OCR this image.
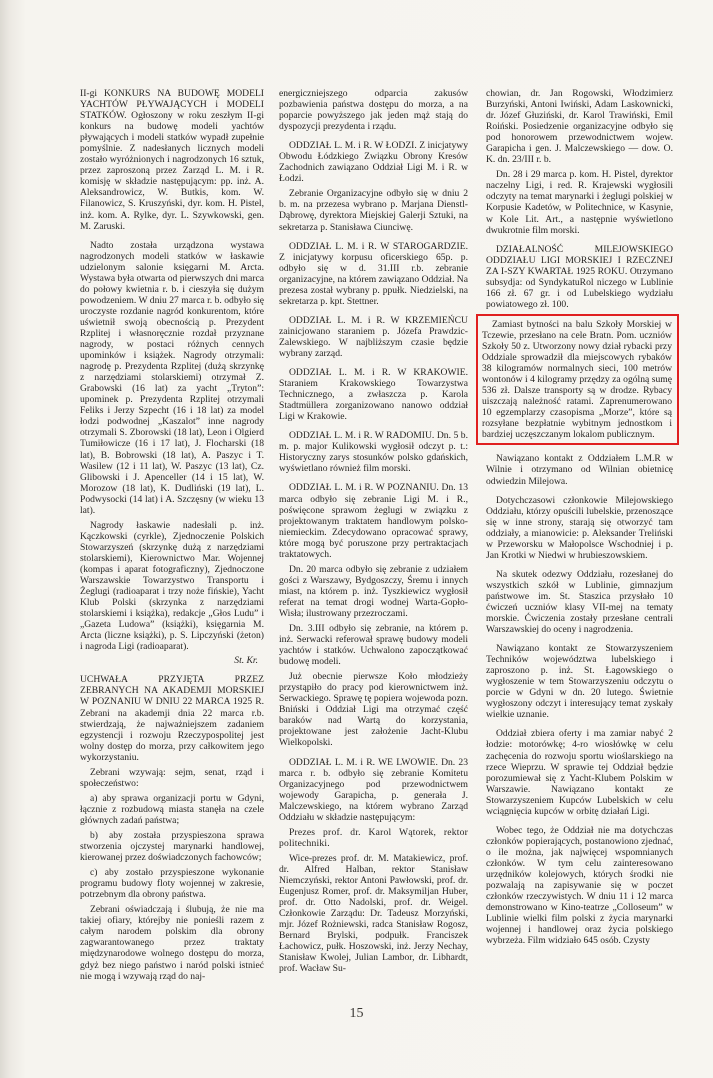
II-gi KONKURS NA BUDOWĘ MODELI YACHTÓW PŁYWAJĄCYCH i MODELI STATKÓW. Ogłoszony w roku zeszłym II-gi konkurs na budowę modeli yachtów pływających i modeli statków wypadł zupełnie pomyślnie. Z nadesłanych licznych modeli zostało wyróżnionych i nagrodzonych 16 sztuk, przez zaproszoną przez Zarząd L. M. i R. komisję w składzie następującym: pp. inż. A. Aleksandrowicz, W. Butkis, kom. W. Filanowicz, S. Kruszyński, dyr. kom. H. Pistel, inż. kom. A. Rylke, dyr. L. Szywkowski, gen. M. Zaruski.

Nadto została urządzona wystawa nagrodzonych modeli statków w łaskawie udzielonym salonie księgarni M. Arcta. Wystawa była otwarta od pierwszych dni marca do połowy kwietnia r. b. i cieszyła się dużym powodzeniem. W dniu 27 marca r. b. odbyło się uroczyste rozdanie nagród konkurentom, które uświetnił swoją obecnością p. Prezydent Rzplitej i własnoręcznie rozdał przyznane nagrody, w postaci różnych cennych upominków i książek. Nagrody otrzymali: nagrodę p. Prezydenta Rzplitej (dużą skrzynkę z narzędziami stolarskiemi) otrzymał Z. Grabowski (16 lat) za yacht „Tryton”: upominek p. Prezydenta Rzplitej otrzymali Feliks i Jerzy Szpecht (16 i 18 lat) za model łodzi podwodnej „Kaszalot” inne nagrody otrzymali S. Zborowski (18 lat), Leon i Olgierd Tumiłowicze (16 i 17 lat), J. Flocharski (18 lat), B. Bobrowski (18 lat), A. Paszyc i T. Wasilew (12 i 11 lat), W. Paszyc (13 lat), Cz. Glibowski i J. Apenceller (14 i 15 lat), W. Morozow (18 lat), K. Dudliński (19 lat), L. Podwysocki (14 lat) i A. Szczęsny (w wieku 13 lat).

Nagrody łaskawie nadesłali p. inż. Kączkowski (cyrkle), Zjednoczenie Polskich Stowarzyszeń (skrzynkę dużą z narzędziami stolarskiemi), Kierownictwo Mar. Wojennej (kompas i aparat fotograficzny), Zjednoczone Warszawskie Towarzystwo Transportu i Żeglugi (radioaparat i trzy noże fińskie), Yacht Klub Polski (skrzynka z narzędziami stolarskiemi i książka), redakcje „Głos Ludu” i „Gazeta Ludowa” (książki), księgarnia M. Arcta (liczne książki), p. S. Lipczyński (żeton) i nagroda Ligi (radioaparat).

St. Kr.

UCHWAŁA PRZYJĘTA PRZEZ ZEBRANYCH NA AKADEMJI MORSKIEJ W POZNANIU W DNIU 22 MARCA 1925 R. Zebrani na akademji dnia 22 marca r.b. stwierdzają, że najważniejszem zadaniem egzystencji i rozwoju Rzeczypospolitej jest wolny dostęp do morza, przy całkowitem jego wykorzystaniu.

Zebrani wzywają: sejm, senat, rząd i społeczeństwo:

a) aby sprawa organizacji portu w Gdyni, łącznie z rozbudową miasta stanęła na czele głównych zadań państwa;

b) aby została przyspieszona sprawa stworzenia ojczystej marynarki handlowej, kierowanej przez doświadczonych fachowców;

c) aby zostało przyspieszone wykonanie programu budowy floty wojennej w zakresie, potrzebnym dla obrony państwa.

Zebrani oświadczają i ślubują, że nie ma takiej ofiary, którejby nie ponieśli razem z całym narodem polskim dla obrony zagwarantowanego przez traktaty międzynarodowe wolnego dostępu do morza, gdyż bez niego państwo i naród polski istnieć nie mogą i wzywają rząd do naj-

energiczniejszego odparcia zakusów pozbawienia państwa dostępu do morza, a na poparcie powyższego jak jeden mąż stają do dyspozycji prezydenta i rządu.

ODDZIAŁ L. M. i R. W ŁODZI. Z inicjatywy Obwodu Łódzkiego Związku Obrony Kresów Zachodnich zawiązano Oddział Ligi M. i R. w Łodzi.

Zebranie Organizacyjne odbyło się w dniu 2 b. m. na przezesa wybrano p. Marjana Dienstl-Dąbrowę, dyrektora Miejskiej Galerji Sztuki, na sekretarza p. Stanisława Ciunciwę.

ODDZIAŁ L. M. i R. W STAROGARDZIE. Z inicjatywy korpusu oficerskiego 65p. p. odbyło się w d. 31.III r.b. zebranie organizacyjne, na którem zawiązano Oddział. Na prezesa został wybrany p. ppułk. Niedzielski, na sekretarza p. kpt. Stettner.

ODDZIAŁ L. M. i R. W KRZEMIEŃCU zainicjowano staraniem p. Józefa Prawdzic-Zalewskiego. W najbliższym czasie będzie wybrany zarząd.

ODDZIAŁ L. M. i R. W KRAKOWIE. Staraniem Krakowskiego Towarzystwa Technicznego, a zwłaszcza p. Karola Stadtmüllera zorganizowano nanowo oddział Ligi w Krakowie.

ODDZIAŁ L. M. i R. W RADOMIU. Dn. 5 b. m. p. major Kulikowski wygłosił odczyt p. t.: Historyczny zarys stosunków polsko gdańskich, wyświetlano również film morski.

ODDZIAŁ L. M. i R. W POZNANIU. Dn. 13 marca odbyło się zebranie Ligi M. i R., poświęcone sprawom żeglugi w związku z projektowanym traktatem handlowym polsko-niemieckim. Zdecydowano opracować sprawy, które mogą być poruszone przy pertraktacjach traktatowych.

Dn. 20 marca odbyło się zebranie z udziałem gości z Warszawy, Bydgoszczy, Śremu i innych miast, na którem p. inż. Tyszkiewicz wygłosił referat na temat drogi wodnej Warta-Gopło-Wisła; ilustrowany przezroczami.

Dn. 3.III odbyło się zebranie, na którem p. inż. Serwacki referował sprawę budowy modeli yachtów i statków. Uchwalono zapoczątkować budowę modeli.

Już obecnie pierwsze Koło młodzieży przystąpiło do pracy pod kierownictwem inż. Serwackiego. Sprawę tę popiera wojewoda pozn. Bniński i Oddział Ligi ma otrzymać część baraków nad Wartą do korzystania, projektowane jest założenie Jacht-Klubu Wielkopolski.

ODDZIAŁ L. M. i R. WE LWOWIE. Dn. 23 marca r. b. odbyło się zebranie Komitetu Organizacyjnego pod przewodnictwem wojewody Garapicha, p. generała J. Malczewskiego, na którem wybrano Zarząd Oddziału w składzie następującym:

Prezes prof. dr. Karol Wątorek, rektor politechniki.

Wice-prezes prof. dr. M. Matakiewicz, prof. dr. Alfred Halban, rektor Stanisław Niemczyński, rektor Antoni Pawłowski, prof. dr. Eugenjusz Romer, prof. dr. Maksymiljan Huber, prof. dr. Otto Nadolski, prof. dr. Weigel. Członkowie Zarządu: Dr. Tadeusz Morzyński, mjr. Józef Rożniewski, radca Stanisław Rogosz, Bernard Brylski, podpułk. Franciszek Łachowicz, pułk. Hoszowski, inż. Jerzy Nechay, Stanisław Kwolej, Julian Lambor, dr. Libhardt, prof. Wacław Su-

chowian, dr. Jan Rogowski, Włodzimierz Burzyński, Antoni Iwiński, Adam Laskownicki, dr. Józef Głuziński, dr. Karol Trawiński, Emil Roiński. Posiedzenie organizacyjne odbyło się pod honorowem przewodnictwem wojew. Garapicha i gen. J. Malczewskiego — dow. O. K. dn. 23/III r. b.

Dn. 28 i 29 marca p. kom. H. Pistel, dyrektor naczelny Ligi, i red. R. Krajewski wygłosili odczyty na temat marynarki i żeglugi polskiej w Korpusie Kadetów, w Politechnice, w Kasynie, w Kole Lit. Art., a następnie wyświetlono dwukrotnie film morski.

DZIAŁALNOŚĆ MILEJOWSKIEGO ODDZIAŁU LIGI MORSKIEJ I RZECZNEJ ZA I-SZY KWARTAŁ 1925 ROKU. Otrzymano subsydja: od SyndykatuRol niczego w Lublinie 166 zł. 67 gr. i od Lubelskiego wydziału powiatowego zł. 100.

Zamiast bytności na balu Szkoły Morskiej w Tczewie, przesłano na cele Bratn. Pom. uczniów Szkoły 50 z. Utworzony nowy dział rybacki przy Oddziale sprowadził dla miejscowych rybaków 38 kilogramów normalnych sieci, 100 metrów wontonów i 4 kilogramy przędzy za ogólną sumę 536 zł. Dalsze transporty są w drodze. Rybacy uiszczają należność ratami. Zaprenumerowano 10 egzemplarzy czasopisma „Morze”, które są rozsyłane bezpłatnie wybitnym jednostkom i bardziej uczęszczanym lokalom publicznym.

Nawiązano kontakt z Oddziałem L.M.R w Wilnie i otrzymano od Wilnian obietnicę odwiedzin Milejowa.

Dotychczasowi członkowie Milejowskiego Oddziału, którzy opuścili lubelskie, przenoszące się w inne strony, starają się otworzyć tam oddziały, a mianowicie: p. Aleksander Treliński w Przeworsku w Małopolsce Wschodniej i p. Jan Krotki w Niedwi w hrubieszowskiem.

Na skutek odezwy Oddziału, rozesłanej do wszystkich szkół w Lublinie, gimnazjum państwowe im. St. Staszica przysłało 10 ćwiczeń uczniów klasy VII-mej na tematy morskie. Ćwiczenia zostały przesłane centrali Warszawskiej do oceny i nagrodzenia.

Nawiązano kontakt ze Stowarzyszeniem Techników województwa lubelskiego i zaproszono p. inż. St. Łagowskiego o wygłoszenie w tem Stowarzyszeniu odczytu o porcie w Gdyni w dn. 20 lutego. Świetnie wygłoszony odczyt i interesujący temat zyskały wielkie uznanie.

Oddział zbiera oferty i ma zamiar nabyć 2 łodzie: motorówkę; 4-ro wiosłówkę w celu zachęcenia do rozwoju sportu wioślarskiego na rzece Wieprzu. W sprawie tej Oddział będzie porozumiewał się z Yacht-Klubem Polskim w Warszawie. Nawiązano kontakt ze Stowarzyszeniem Kupców Lubelskich w celu wciągnięcia kupców w orbitę działań Ligi.

Wobec tego, że Oddział nie ma dotychczas członków popierających, postanowiono zjednać, o ile można, jak najwięcej wspomnianych członków. W tym celu zainteresowano urzędników kolejowych, których środki nie pozwalają na zapisywanie się w poczet członków rzeczywistych. W dniu 11 i 12 marca demonstrowano w Kino-teatrze „Colloseum” w Lublinie wielki film polski z życia marynarki wojennej i handlowej oraz życia polskiego wybrzeża. Film widziało 645 osób. Czysty

15
